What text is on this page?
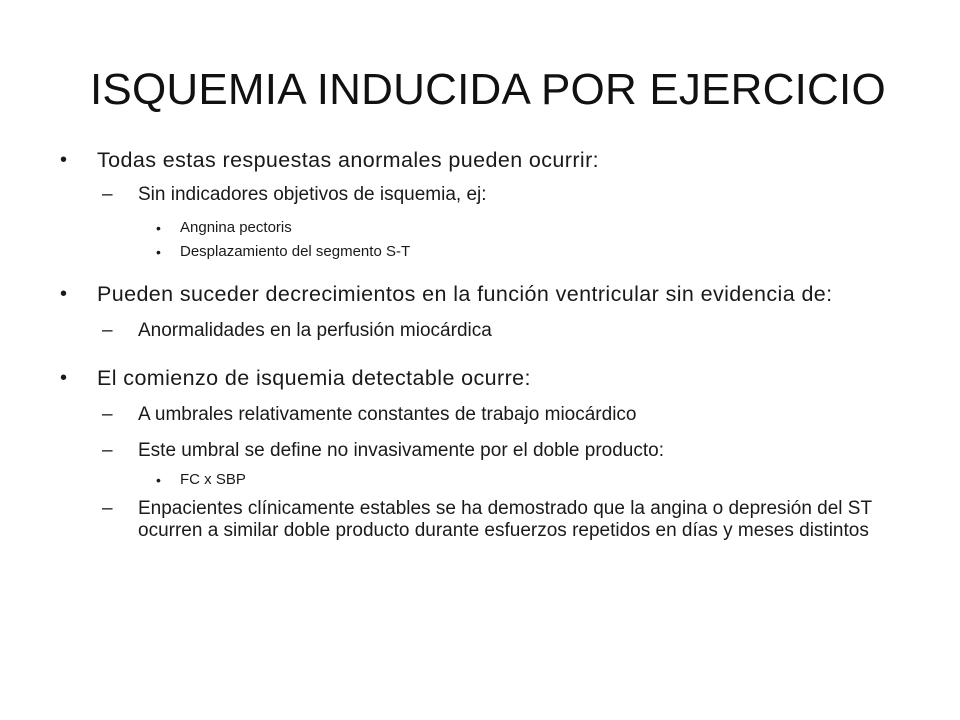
ISQUEMIA INDUCIDA POR EJERCICIO
• Todas estas respuestas anormales pueden ocurrir:
– Sin indicadores objetivos de isquemia, ej:
• Angnina pectoris
• Desplazamiento del segmento S-T
• Pueden suceder decrecimientos en la función ventricular sin evidencia de:
– Anormalidades en la perfusión miocárdica
• El comienzo de isquemia detectable ocurre:
– A umbrales relativamente constantes de trabajo miocárdico
– Este umbral se define no invasivamente por el doble producto:
• FC x SBP
– Enpacientes clínicamente estables se ha demostrado que la angina o depresión del ST ocurren a similar doble producto durante esfuerzos repetidos en días y meses distintos
